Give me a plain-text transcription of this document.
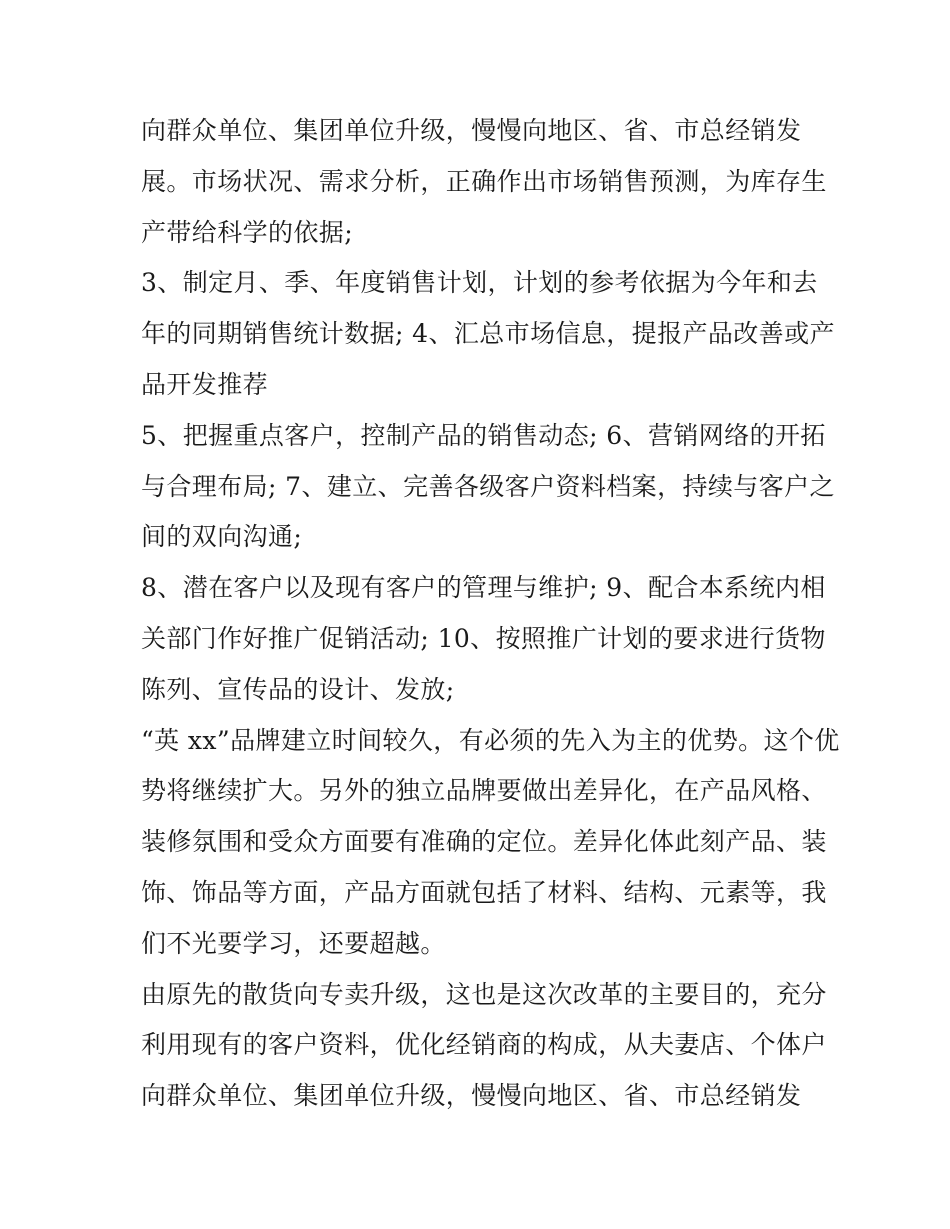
向群众单位、集团单位升级，慢慢向地区、省、市总经销发
展。市场状况、需求分析，正确作出市场销售预测，为库存生
产带给科学的依据;
3、制定月、季、年度销售计划，计划的参考依据为今年和去
年的同期销售统计数据; 4、汇总市场信息，提报产品改善或产
品开发推荐
5、把握重点客户，控制产品的销售动态; 6、营销网络的开拓
与合理布局; 7、建立、完善各级客户资料档案，持续与客户之
间的双向沟通;
8、潜在客户以及现有客户的管理与维护; 9、配合本系统内相
关部门作好推广促销活动; 10、按照推广计划的要求进行货物
陈列、宣传品的设计、发放;
“英 xx”品牌建立时间较久，有必须的先入为主的优势。这个优
势将继续扩大。另外的独立品牌要做出差异化，在产品风格、
装修氛围和受众方面要有准确的定位。差异化体此刻产品、装
饰、饰品等方面，产品方面就包括了材料、结构、元素等，我
们不光要学习，还要超越。
由原先的散货向专卖升级，这也是这次改革的主要目的，充分
利用现有的客户资料，优化经销商的构成，从夫妻店、个体户
向群众单位、集团单位升级，慢慢向地区、省、市总经销发
